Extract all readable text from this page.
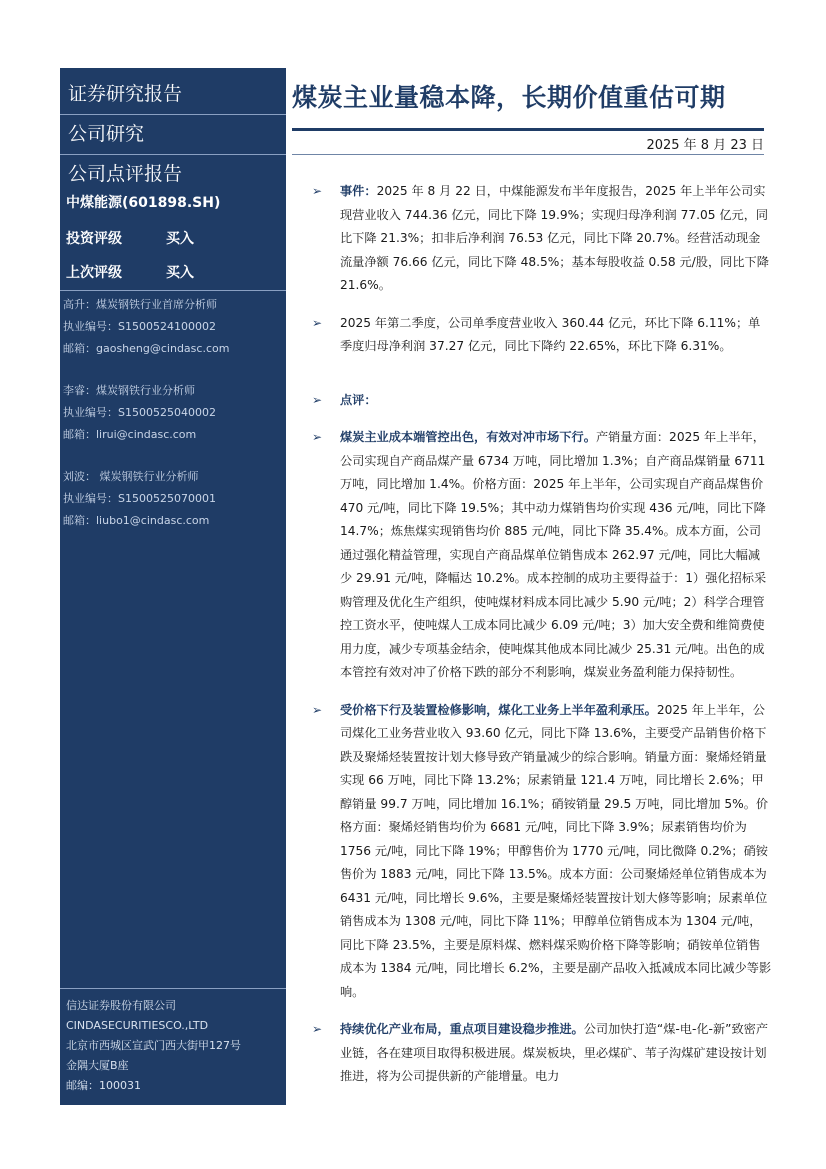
证券研究报告
公司研究
公司点评报告
中煤能源(601898.SH)
投资评级	买入
上次评级	买入
高升：煤炭钢铁行业首席分析师
执业编号：S1500524100002
邮箱：gaosheng@cindasc.com
李睿：煤炭钢铁行业分析师
执业编号：S1500525040002
邮箱：lirui@cindasc.com
刘波： 煤炭钢铁行业分析师
执业编号：S1500525070001
邮箱：liubo1@cindasc.com
信达证券股份有限公司
CINDASECURITIESCO.,LTD
北京市西城区宣武门西大街甲127号
金隅大厦B座
邮编：100031
煤炭主业量稳本降，长期价值重估可期
2025 年 8 月 23 日
➢ 事件：2025 年 8 月 22 日，中煤能源发布半年度报告，2025 年上半年公司实现营业收入 744.36 亿元，同比下降 19.9%；实现归母净利润 77.05 亿元，同比下降 21.3%；扣非后净利润 76.53 亿元，同比下降 20.7%。经营活动现金流量净额 76.66 亿元，同比下降 48.5%；基本每股收益 0.58 元/股，同比下降 21.6%。
➢ 2025 年第二季度，公司单季度营业收入 360.44 亿元，环比下降 6.11%；单季度归母净利润 37.27 亿元，同比下降约 22.65%，环比下降 6.31%。
➢ 点评：
➢ 煤炭主业成本端管控出色，有效对冲市场下行。产销量方面：2025 年上半年，公司实现自产商品煤产量 6734 万吨，同比增加 1.3%；自产商品煤销量 6711 万吨，同比增加 1.4%。价格方面：2025 年上半年，公司实现自产商品煤售价 470 元/吨，同比下降 19.5%；其中动力煤销售均价实现 436 元/吨，同比下降 14.7%；炼焦煤实现销售均价 885 元/吨，同比下降 35.4%。成本方面，公司通过强化精益管理，实现自产商品煤单位销售成本 262.97 元/吨，同比大幅减少 29.91 元/吨，降幅达 10.2%。成本控制的成功主要得益于：1）强化招标采购管理及优化生产组织，使吨煤材料成本同比减少 5.90 元/吨；2）科学合理管控工资水平，使吨煤人工成本同比减少 6.09 元/吨；3）加大安全费和维简费使用力度，减少专项基金结余，使吨煤其他成本同比减少 25.31 元/吨。出色的成本管控有效对冲了价格下跌的部分不利影响，煤炭业务盈利能力保持韧性。
➢ 受价格下行及装置检修影响，煤化工业务上半年盈利承压。2025 年上半年，公司煤化工业务营业收入 93.60 亿元，同比下降 13.6%，主要受产品销售价格下跌及聚烯烃装置按计划大修导致产销量减少的综合影响。销量方面：聚烯烃销量实现 66 万吨，同比下降 13.2%；尿素销量 121.4 万吨，同比增长 2.6%；甲醇销量 99.7 万吨，同比增加 16.1%；硝铵销量 29.5 万吨，同比增加 5%。价格方面：聚烯烃销售均价为 6681 元/吨，同比下降 3.9%；尿素销售均价为 1756 元/吨，同比下降 19%；甲醇售价为 1770 元/吨，同比微降 0.2%；硝铵售价为 1883 元/吨，同比下降 13.5%。成本方面：公司聚烯烃单位销售成本为 6431 元/吨，同比增长 9.6%，主要是聚烯烃装置按计划大修等影响；尿素单位销售成本为 1308 元/吨，同比下降 11%；甲醇单位销售成本为 1304 元/吨，同比下降 23.5%，主要是原料煤、燃料煤采购价格下降等影响；硝铵单位销售成本为 1384 元/吨，同比增长 6.2%，主要是副产品收入抵减成本同比减少等影响。
➢ 持续优化产业布局，重点项目建设稳步推进。公司加快打造“煤-电-化-新”致密产业链，各在建项目取得积极进展。煤炭板块，里必煤矿、苇子沟煤矿建设按计划推进，将为公司提供新的产能增量。电力
